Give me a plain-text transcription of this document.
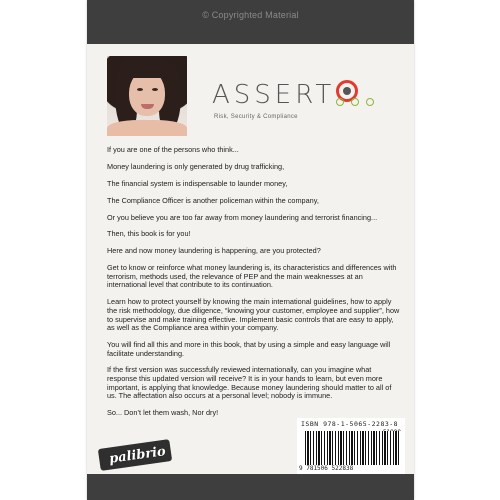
© Copyrighted Material
ASSERT
Risk, Security & Compliance

If you are one of the persons who think...

Money laundering is only generated by drug trafficking,

The financial system is indispensable to launder money,

The Compliance Officer is another policeman within the company,

Or you believe you are too far away from money laundering and terrorist financing...

Then, this book is for you!

Here and now money laundering is happening, are you protected?

Get to know or reinforce what money laundering is, its characteristics and differences with terrorism, methods used, the relevance of PEP and the main weaknesses at an international level that contribute to its continuation.

Learn how to protect yourself by knowing the main international guidelines, how to apply the risk methodology, due diligence, “knowing your customer, employee and supplier”, how to supervise and make training effective. Implement basic controls that are easy to apply, as well as the Compliance area within your company.

You will find all this and more in this book, that by using a simple and easy language will facilitate understanding.

If the first version was successfully reviewed internationally, can you imagine what response this updated version will receive? It is in your hands to learn, but even more important, is applying that knowledge. Because money laundering should matter to all of us. The affectation also occurs at a personal level; nobody is immune.

So... Don’t let them wash, Nor dry!

ISBN 978-1-5065-2283-8
9 781506 522838
palibrio
